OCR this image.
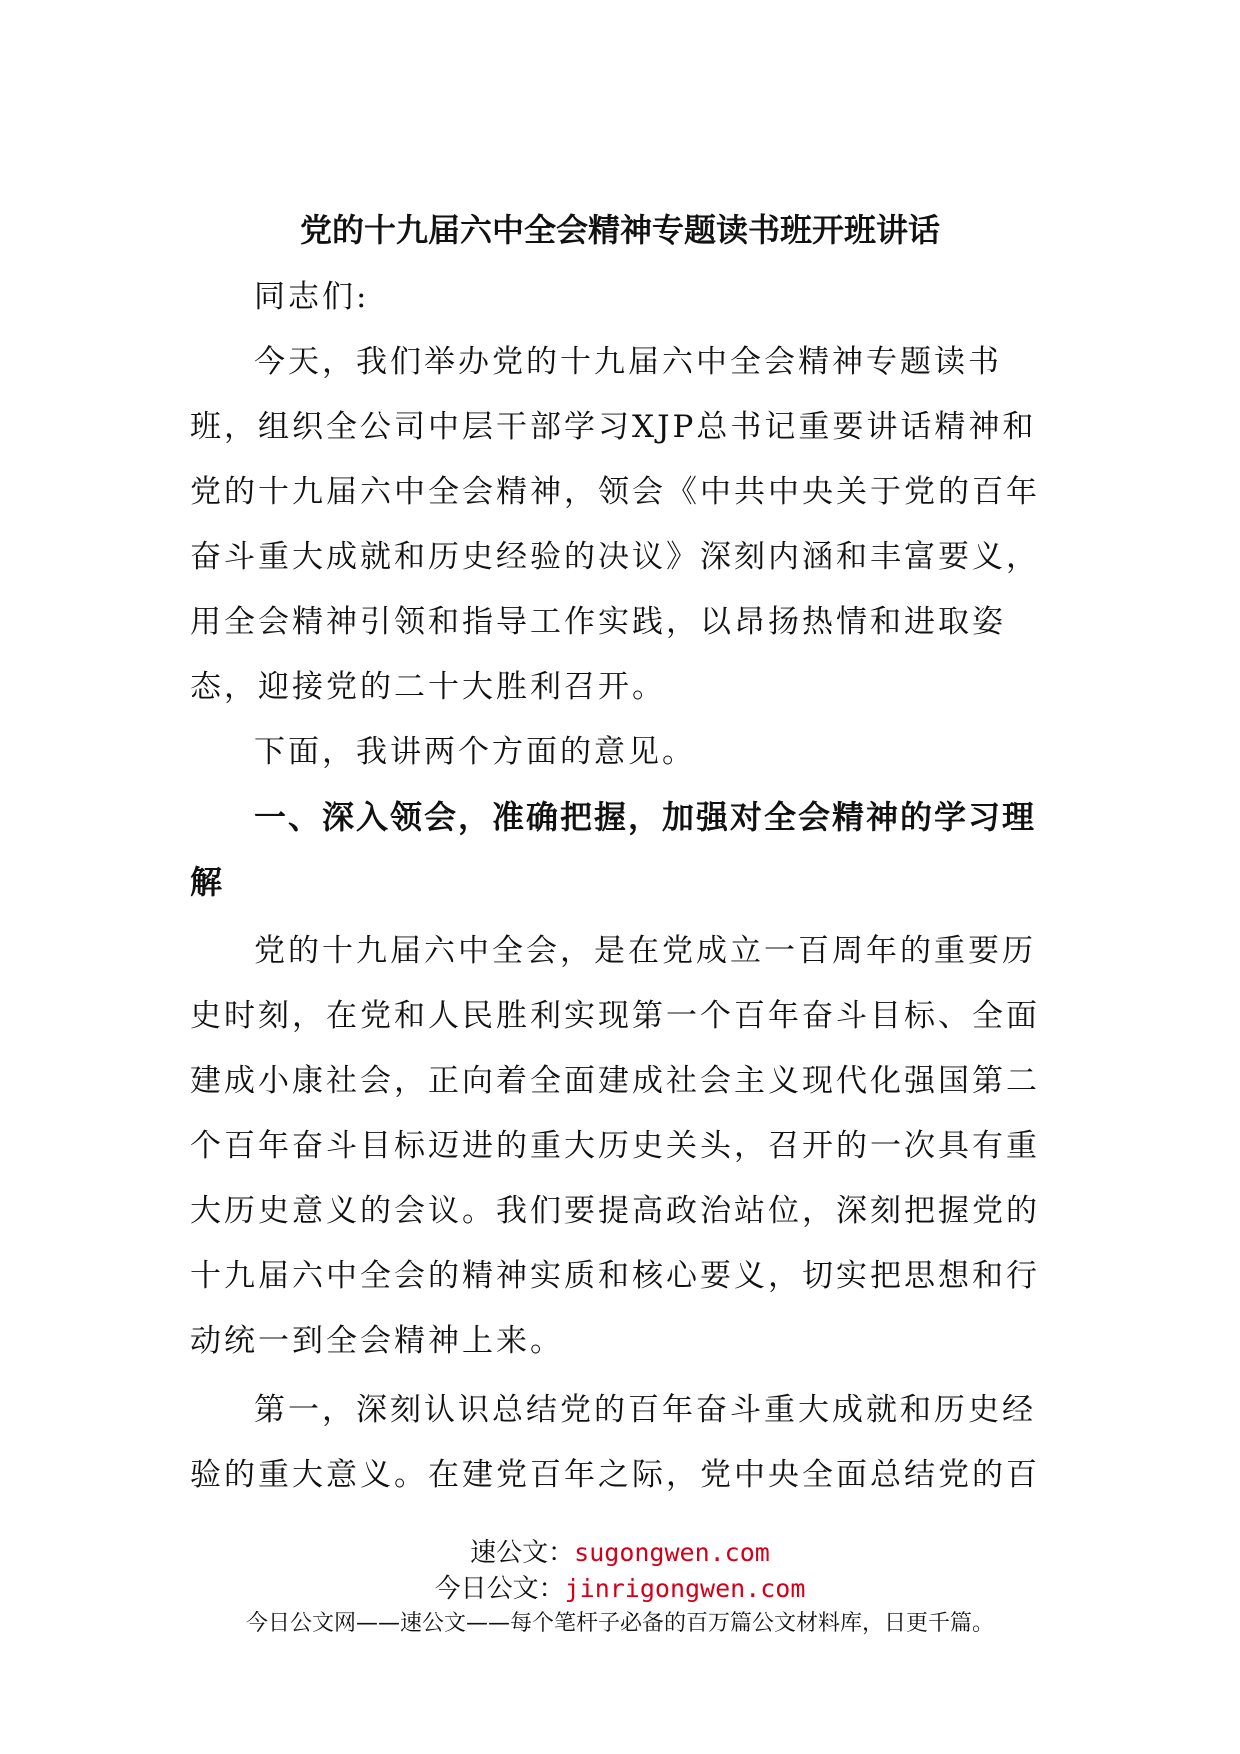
党的十九届六中全会精神专题读书班开班讲话

同志们:

今天，我们举办党的十九届六中全会精神专题读书班，组织全公司中层干部学习XJP总书记重要讲话精神和党的十九届六中全会精神，领会《中共中央关于党的百年奋斗重大成就和历史经验的决议》深刻内涵和丰富要义，用全会精神引领和指导工作实践，以昂扬热情和进取姿态，迎接党的二十大胜利召开。

下面，我讲两个方面的意见。

一、深入领会，准确把握，加强对全会精神的学习理解

党的十九届六中全会，是在党成立一百周年的重要历史时刻，在党和人民胜利实现第一个百年奋斗目标、全面建成小康社会，正向着全面建成社会主义现代化强国第二个百年奋斗目标迈进的重大历史关头，召开的一次具有重大历史意义的会议。我们要提高政治站位，深刻把握党的十九届六中全会的精神实质和核心要义，切实把思想和行动统一到全会精神上来。

第一，深刻认识总结党的百年奋斗重大成就和历史经验的重大意义。在建党百年之际，党中央全面总结党的百

速公文：sugongwen.com
今日公文：jinrigongwen.com
今日公文网——速公文——每个笔杆子必备的百万篇公文材料库，日更千篇。
